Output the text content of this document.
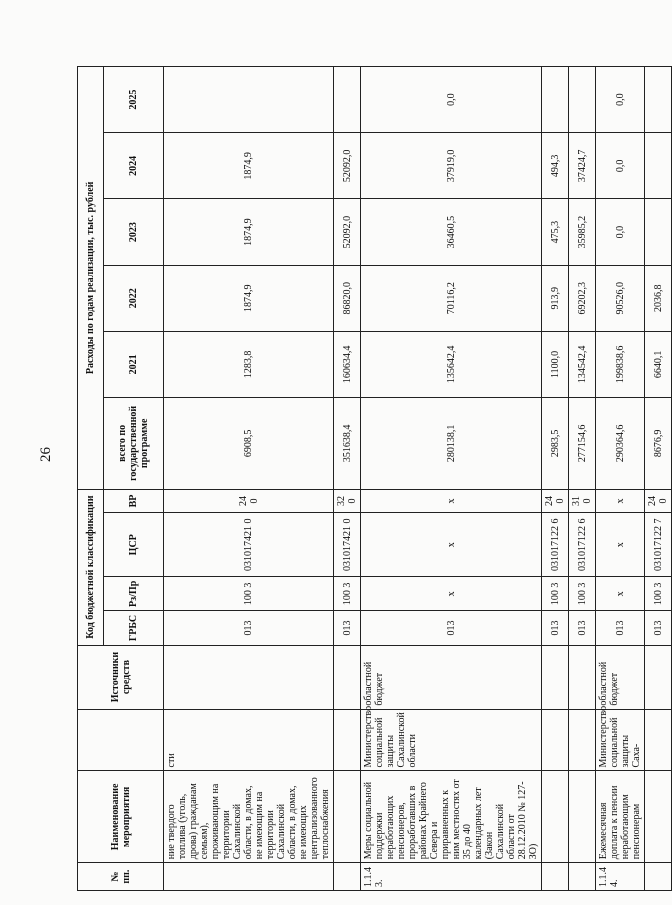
26
№ пп.	Наименование мероприятия		Источники средств	Код бюджетной классификации				Расходы по годам реализации, тыс. рублей					
				ГРБС	Рз/Пр	ЦСР	ВР	всего по государственной программе	2021	2022	2023	2024	2025
	ние твердого топлива (уголь, дрова) гражданам семьям), проживающим на территории Сахалинской области, в домах, не имеющим на территории Сахалинской области, в домах, не имеющих централизованного теплоснабжения	сти		013	100 3	031017421 0	24 0	6908,5	1283,8	1874,9	1874,9	1874,9	
				013	100 3	031017421 0	32 0	351638,4	160634,4	86820,0	52092,0	52092,0	
1.1.4 3.	Меры социальной поддержки неработающих пенсионеров, проработавших в районах Крайнего Севера и приравненных к ним местностях от 35 до 40 календарных лет (Закон Сахалинской области от 28.12.2010 № 127-ЗО)	Министерство социальной защиты Сахалинской области	областной бюджет	013	x	x	x	280138,1	135642,4	70116,2	36460,5	37919,0	0,0
				013	100 3	031017122 6	24 0	2983,5	1100,0	913,9	475,3	494,3	
				013	100 3	031017122 6	31 0	277154,6	134542,4	69202,3	35985,2	37424,7	
1.1.4 4.	Ежемесячная доплата к пенсии неработающим пенсионерам	Министерство социальной защиты Саха-	областной бюджет	013	x	x	x	290364,6	199838,6	90526,0	0,0	0,0	0,0
				013	100 3	031017122 7	24 0	8676,9	6640,1	2036,8			
